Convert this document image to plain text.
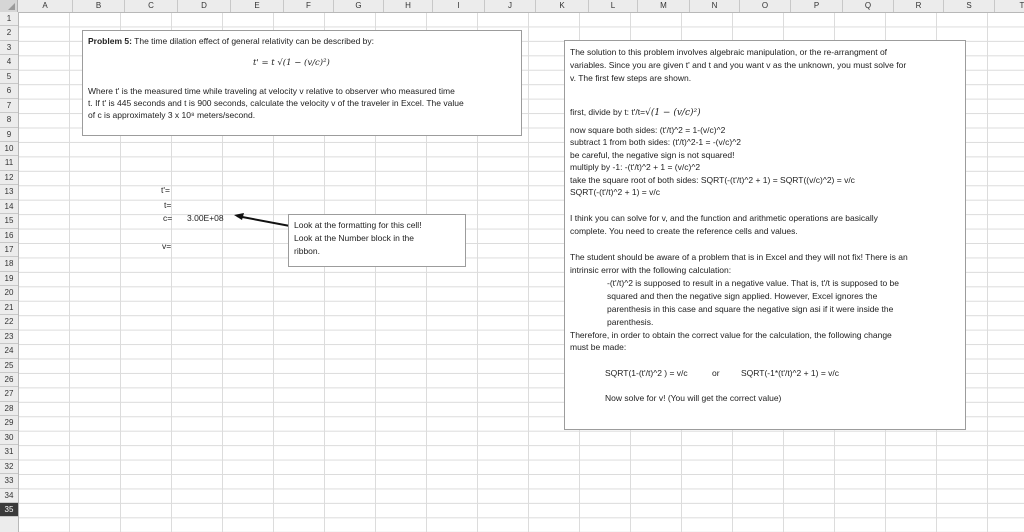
A	B	C	D	E	F	G	H	I	J	K	L	M	N	O	P	Q	R	S	T
1
2
3
4
5
6
7
8
9
10
11
12
13
14
15
16
17
18
19
20
21
22
23
24
25
26
27
28
29
30
31
32
33
34
35
t'=
t=
c= 3.00E+08
v=
Problem 5: The time dilation effect of general relativity can be described by:
t' = t √(1 − (v/c)²)
Where t' is the measured time while traveling at velocity v relative to observer who measured time
t. If t' is 445 seconds and t is 900 seconds, calculate the velocity v of the traveler in Excel. The value
of c is approximately 3 x 10⁸ meters/second.
Look at the formatting for this cell!
Look at the Number block in the
ribbon.
The solution to this problem involves algebraic manipulation, or the re-arrangment of
variables. Since you are given t' and t and you want v as the unknown, you must solve for
v. The first few steps are shown.
first, divide by t: t'/t=√(1 − (v/c)²)
now square both sides: (t'/t)^2 = 1-(v/c)^2
subtract 1 from both sides: (t'/t)^2-1 = -(v/c)^2
be careful, the negative sign is not squared!
multiply by -1: -(t'/t)^2 + 1 = (v/c)^2
take the square root of both sides: SQRT(-(t'/t)^2 + 1) = SQRT((v/c)^2) = v/c
SQRT(-(t'/t)^2 + 1) = v/c
I think you can solve for v, and the function and arithmetic operations are basically
complete. You need to create the reference cells and values.
The student should be aware of a problem that is in Excel and they will not fix! There is an
intrinsic error with the following calculation:
-(t'/t)^2 is supposed to result in a negative value. That is, t'/t is supposed to be
squared and then the negative sign applied. However, Excel ignores the
parenthesis in this case and square the negative sign asi if it were inside the
parenthesis.
Therefore, in order to obtain the correct value for the calculation, the following change
must be made:
SQRT(1-(t'/t)^2 ) = v/c	or	SQRT(-1*(t'/t)^2 + 1) = v/c
Now solve for v! (You will get the correct value)
